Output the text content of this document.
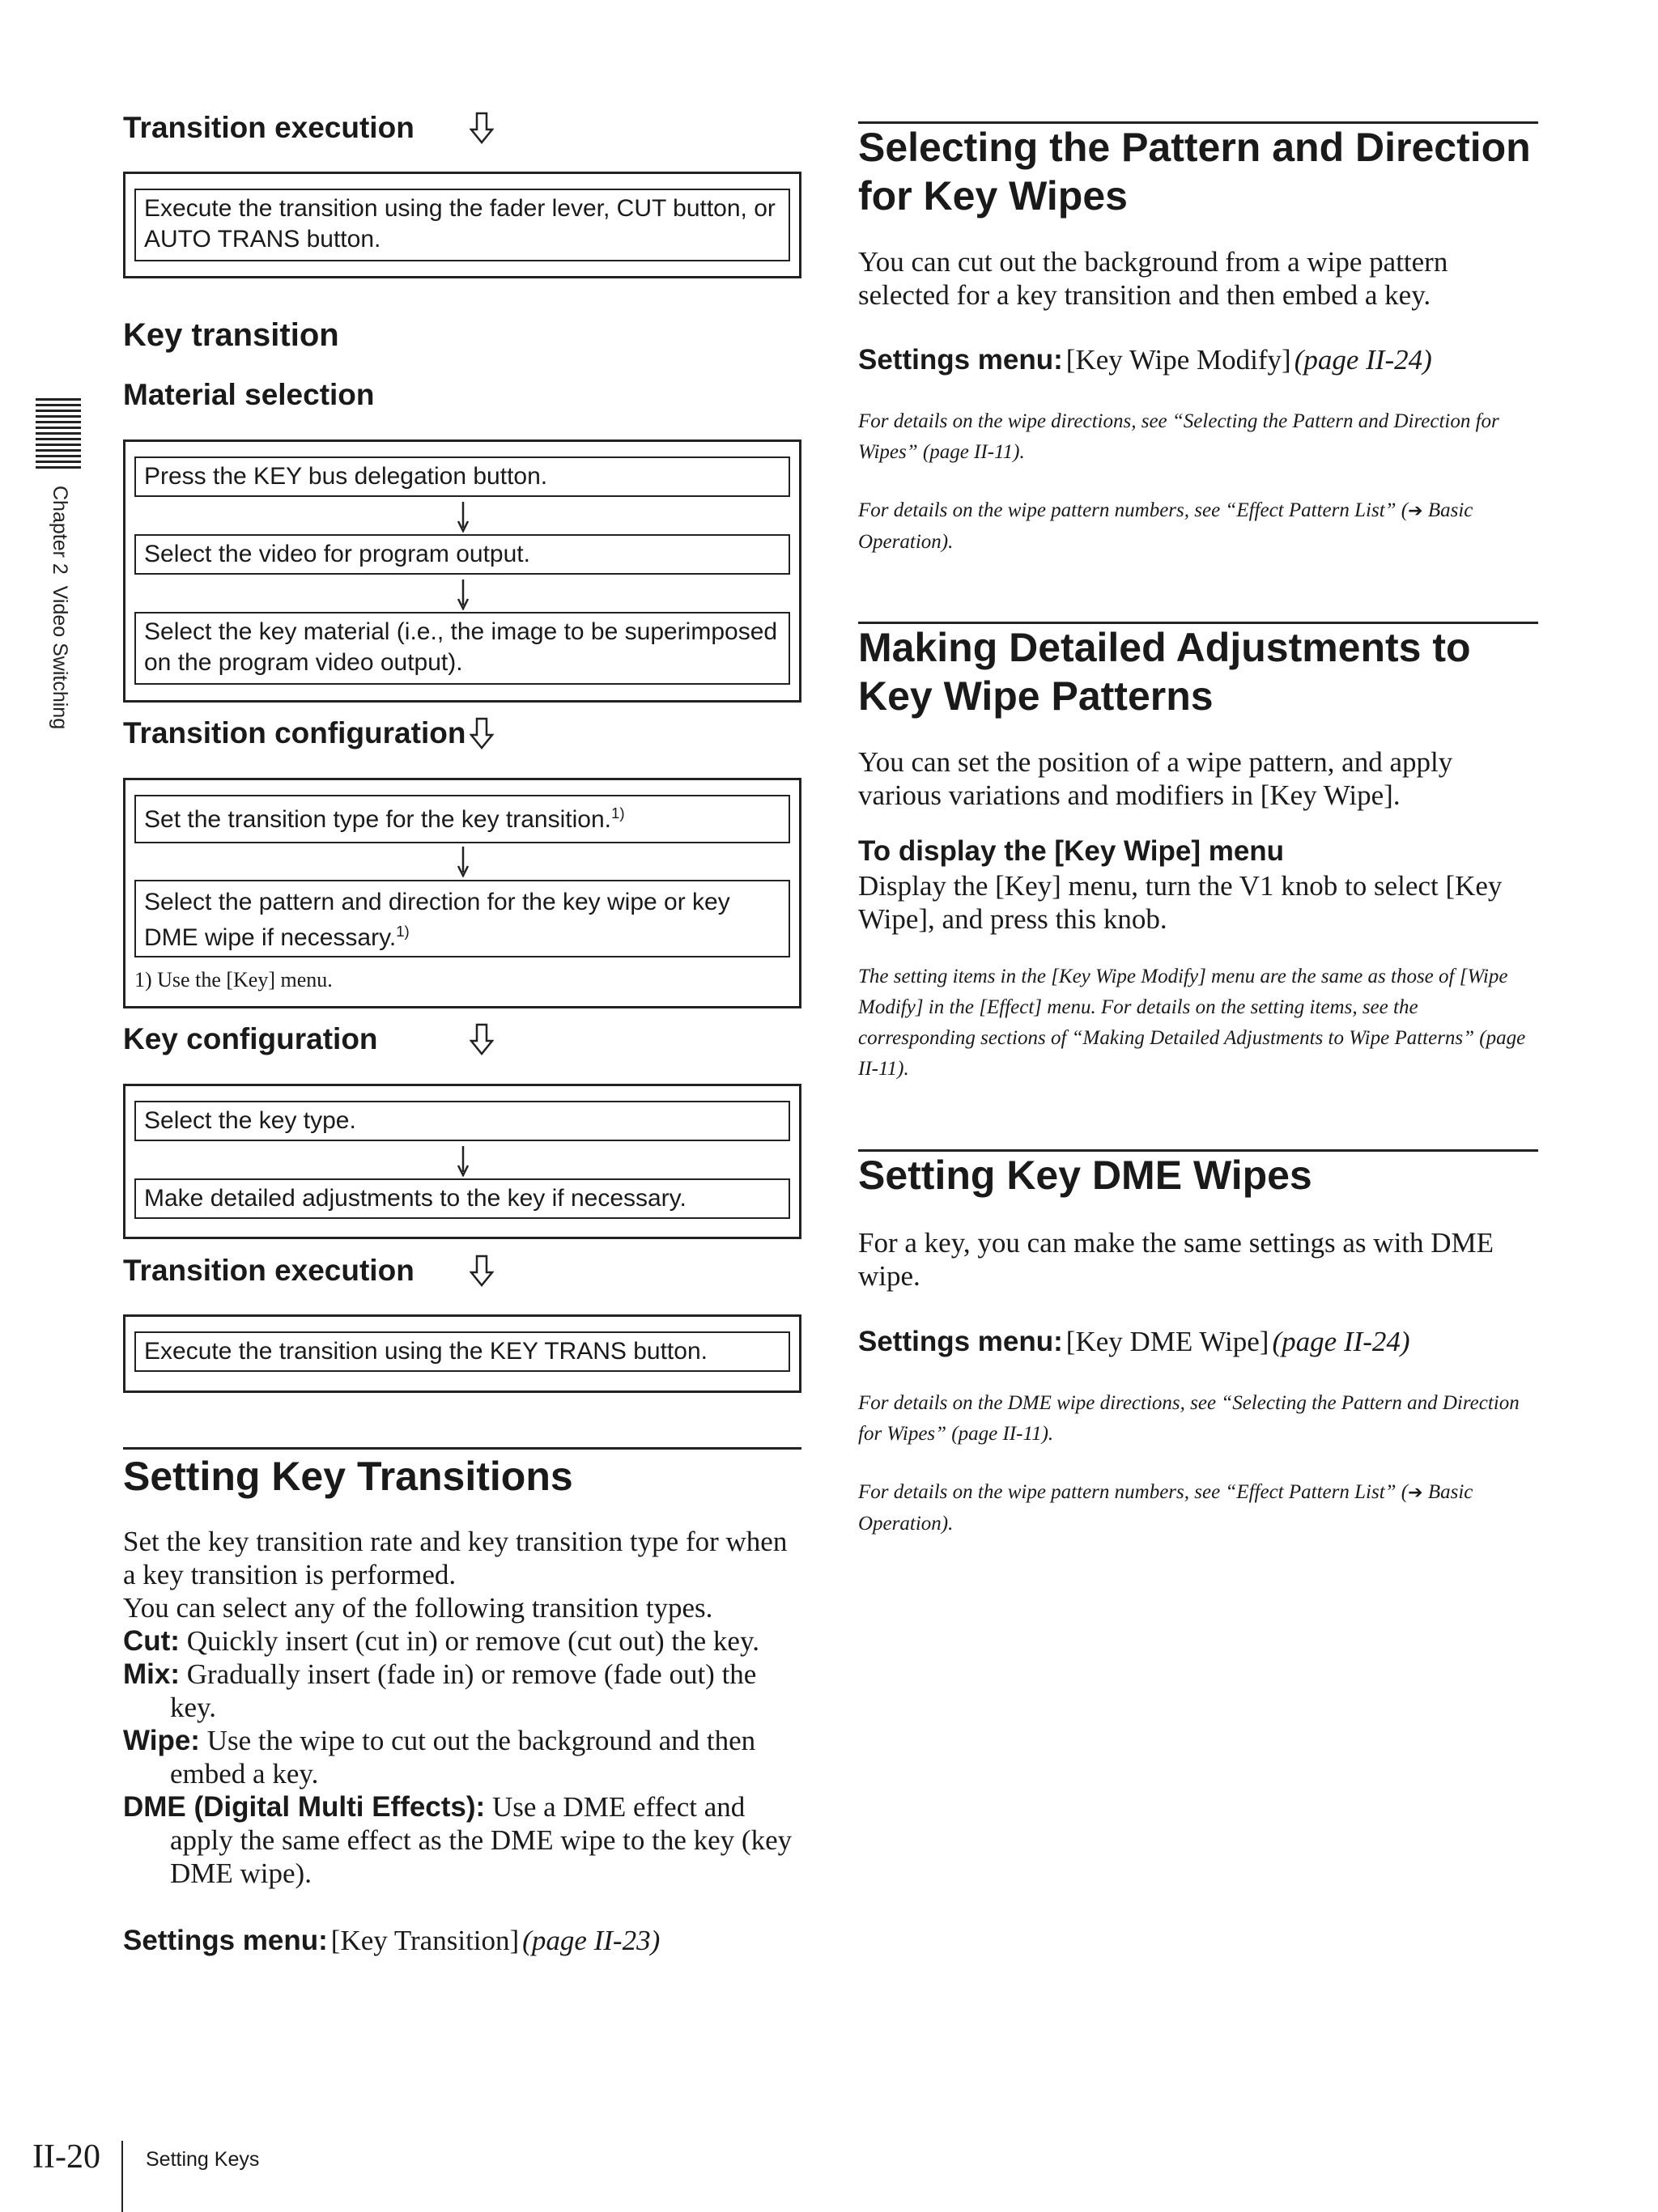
Chapter 2  Video Switching
Transition execution
Execute the transition using the fader lever, CUT button, or AUTO TRANS button.
Key transition
Material selection
Press the KEY bus delegation button.
Select the video for program output.
Select the key material (i.e., the image to be superimposed on the program video output).
Transition configuration
Set the transition type for the key transition.$^{1)}$
Select the pattern and direction for the key wipe or key DME wipe if necessary.$^{1)}$
1) Use the [Key] menu.
Key configuration
Select the key type.
Make detailed adjustments to the key if necessary.
Transition execution
Execute the transition using the KEY TRANS button.
Setting Key Transitions

Set the key transition rate and key transition type for when a key transition is performed.

You can select any of the following transition types.

Cut: Quickly insert (cut in) or remove (cut out) the key.

Mix: Gradually insert (fade in) or remove (fade out) the key.

Wipe: Use the wipe to cut out the background and then embed a key.

DME (Digital Multi Effects): Use a DME effect and apply the same effect as the DME wipe to the key (key DME wipe).

Settings menu: [Key Transition] (page II-23)
Selecting the Pattern and Direction for Key Wipes
You can cut out the background from a wipe pattern selected for a key transition and then embed a key.
Settings menu: [Key Wipe Modify] (page II-24)
For details on the wipe directions, see “Selecting the Pattern and Direction for Wipes” (page II-11).
For details on the wipe pattern numbers, see “Effect Pattern List” (➔ Basic Operation).
Making Detailed Adjustments to Key Wipe Patterns
You can set the position of a wipe pattern, and apply various variations and modifiers in [Key Wipe].
To display the [Key Wipe] menu
Display the [Key] menu, turn the V1 knob to select [Key Wipe], and press this knob.
The setting items in the [Key Wipe Modify] menu are the same as those of [Wipe Modify] in the [Effect] menu. For details on the setting items, see the corresponding sections of “Making Detailed Adjustments to Wipe Patterns” (page II-11).
Setting Key DME Wipes
For a key, you can make the same settings as with DME wipe.
Settings menu: [Key DME Wipe] (page II-24)
For details on the DME wipe directions, see “Selecting the Pattern and Direction for Wipes” (page II-11).
For details on the wipe pattern numbers, see “Effect Pattern List” (➔ Basic Operation).
II-20 Setting Keys
